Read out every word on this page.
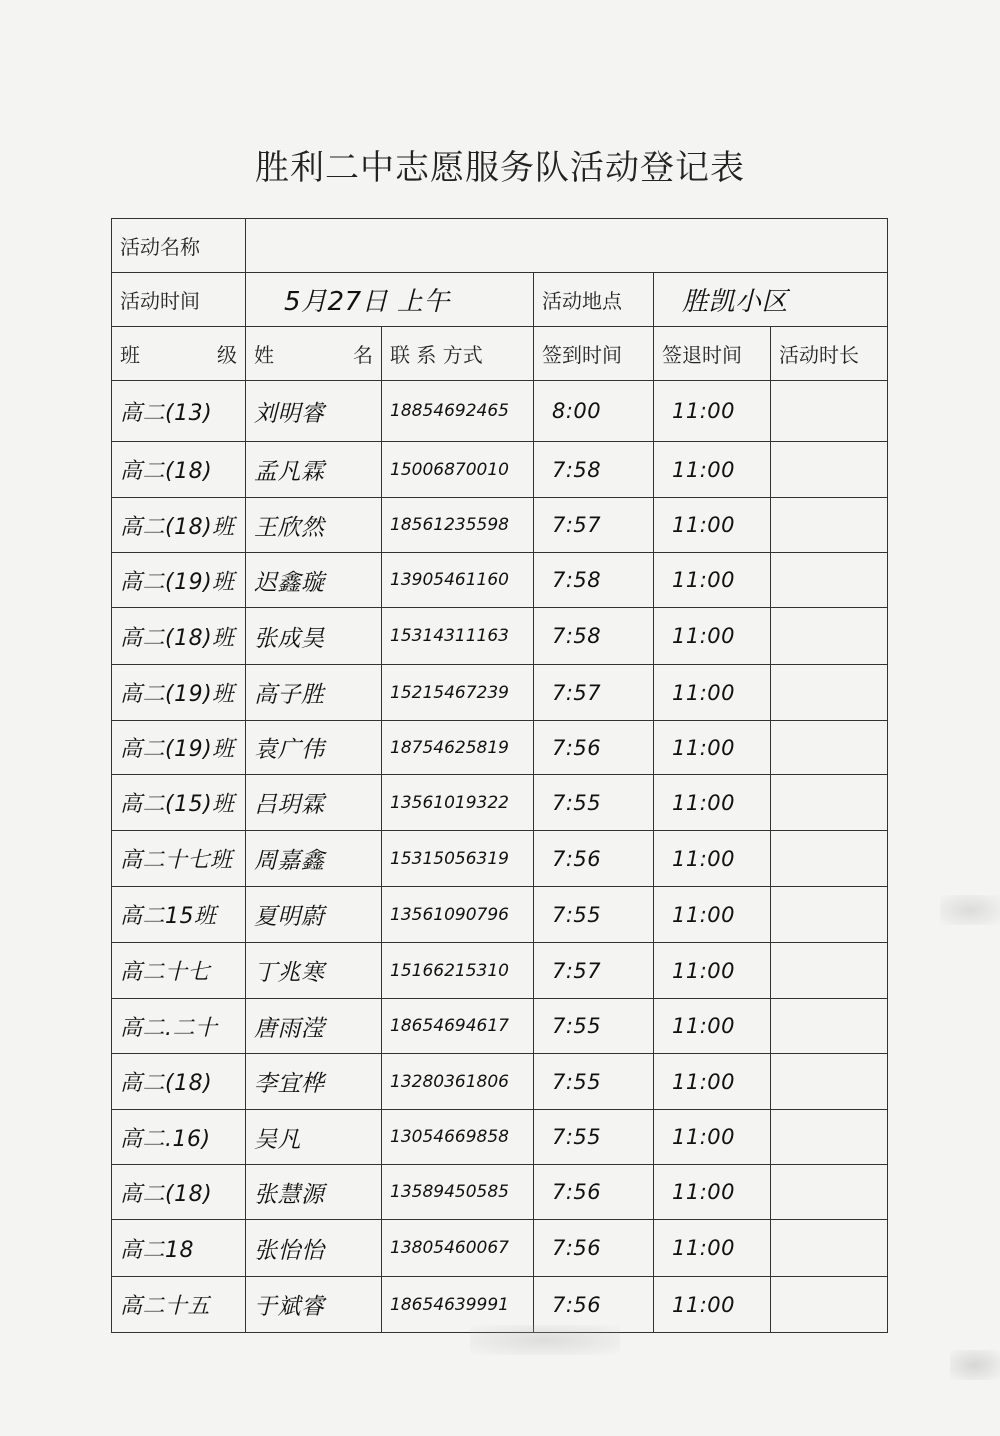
胜利二中志愿服务队活动登记表
活动名称					
活动时间	5月27日 上午		活动地点	胜凯小区	

班 级	姓 名	联 系 方式	签到时间	签退时间	活动时长
高二(13)	刘明睿	18854692465	8:00	11:00	
高二(18)	孟凡霖	15006870010	7:58	11:00	
高二(18)班	王欣然	18561235598	7:57	11:00	
高二(19)班	迟鑫璇	13905461160	7:58	11:00	
高二(18)班	张成昊	15314311163	7:58	11:00	
高二(19)班	高子胜	15215467239	7:57	11:00	
高二(19)班	袁广伟	18754625819	7:56	11:00	
高二(15)班	吕玥霖	13561019322	7:55	11:00	
高二十七班	周嘉鑫	15315056319	7:56	11:00	
高二15班	夏明蔚	13561090796	7:55	11:00	
高二十七	丁兆寒	15166215310	7:57	11:00	
高二.二十	唐雨滢	18654694617	7:55	11:00	
高二(18)	李宜桦	13280361806	7:55	11:00	
高二.16)	吴凡	13054669858	7:55	11:00	
高二(18)	张慧源	13589450585	7:56	11:00	
高二18	张怡怡	13805460067	7:56	11:00	
高二十五	于斌睿	18654639991	7:56	11:00	
